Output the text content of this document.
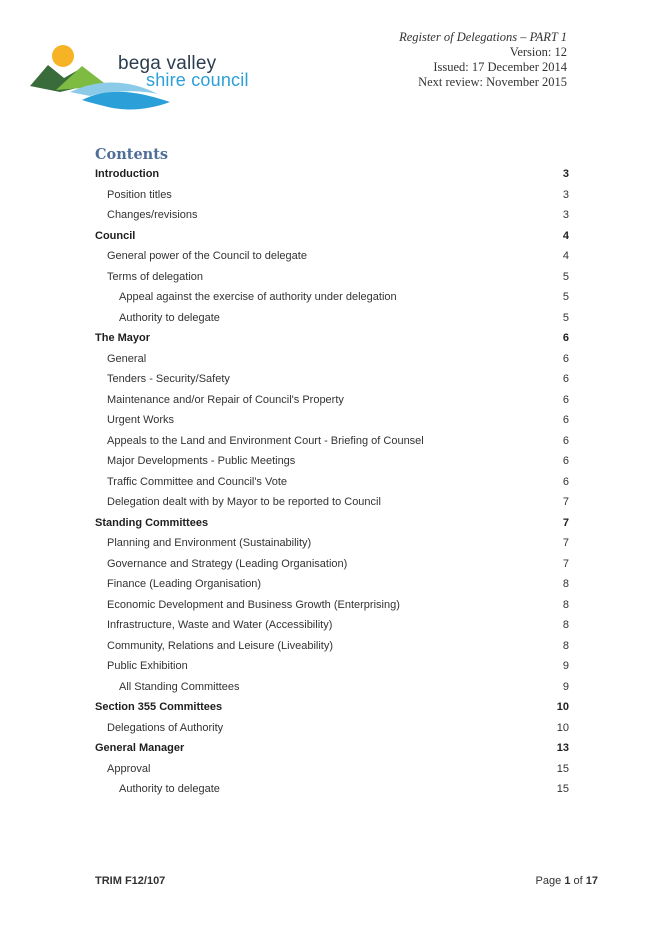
bega valley
shire council
Register of Delegations – PART 1
Version: 12
Issued: 17 December 2014
Next review: November 2015
Contents
Introduction	3
Position titles	3
Changes/revisions	3
Council	4
General power of the Council to delegate	4
Terms of delegation	5
Appeal against the exercise of authority under delegation	5
Authority to delegate	5
The Mayor	6
General	6
Tenders - Security/Safety	6
Maintenance and/or Repair of Council's Property	6
Urgent Works	6
Appeals to the Land and Environment Court - Briefing of Counsel	6
Major Developments - Public Meetings	6
Traffic Committee and Council's Vote	6
Delegation dealt with by Mayor to be reported to Council	7
Standing Committees	7
Planning and Environment (Sustainability)	7
Governance and Strategy (Leading Organisation)	7
Finance (Leading Organisation)	8
Economic Development and Business Growth (Enterprising)	8
Infrastructure, Waste and Water (Accessibility)	8
Community, Relations and Leisure (Liveability)	8
Public Exhibition	9
All Standing Committees	9
Section 355 Committees	10
Delegations of Authority	10
General Manager	13
Approval	15
Authority to delegate	15
TRIM F12/107	Page 1 of 17
